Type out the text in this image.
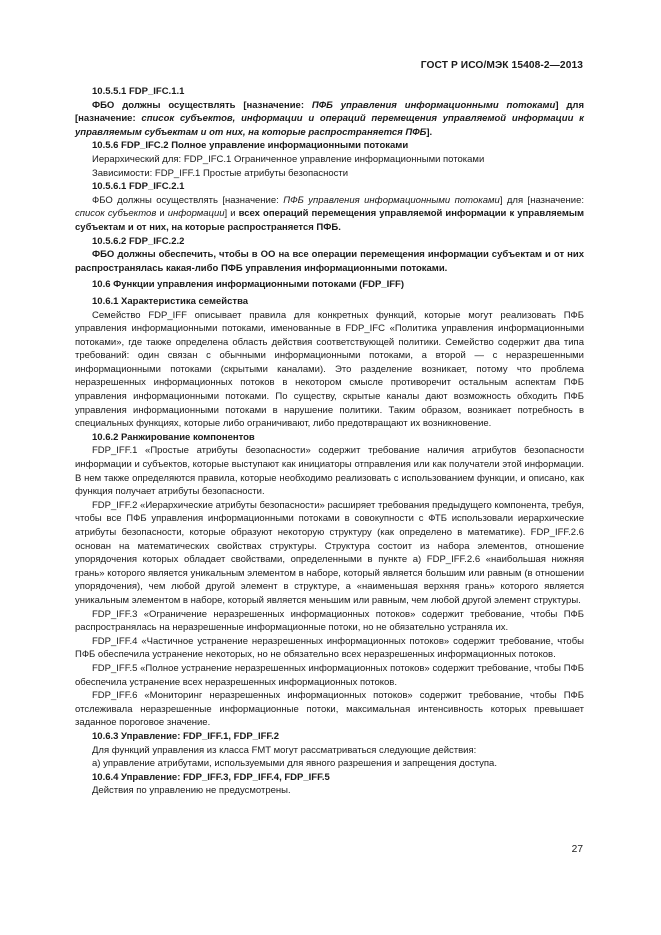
ГОСТ Р ИСО/МЭК 15408-2—2013

10.5.5.1 FDP_IFC.1.1

ФБО должны осуществлять [назначение: ПФБ управления информационными потоками] для [назначение: список субъектов, информации и операций перемещения управляемой информации к управляемым субъектам и от них, на которые распространяется ПФБ].

10.5.6 FDP_IFC.2 Полное управление информационными потоками

Иерархический для: FDP_IFC.1 Ограниченное управление информационными потоками

Зависимости: FDP_IFF.1 Простые атрибуты безопасности

10.5.6.1 FDP_IFC.2.1

ФБО должны осуществлять [назначение: ПФБ управления информационными потоками] для [назначение: список субъектов и информации] и всех операций перемещения управляемой информации к управляемым субъектам и от них, на которые распространяется ПФБ.

10.5.6.2 FDP_IFC.2.2

ФБО должны обеспечить, чтобы в ОО на все операции перемещения информации субъектам и от них распространялась какая-либо ПФБ управления информационными потоками.

10.6 Функции управления информационными потоками (FDP_IFF)

10.6.1 Характеристика семейства

Семейство FDP_IFF описывает правила для конкретных функций, которые могут реализовать ПФБ управления информационными потоками, именованные в FDP_IFC «Политика управления информационными потоками», где также определена область действия соответствующей политики. Семейство содержит два типа требований: один связан с обычными информационными потоками, а второй — с неразрешенными информационными потоками (скрытыми каналами). Это разделение возникает, потому что проблема неразрешенных информационных потоков в некотором смысле противоречит остальным аспектам ПФБ управления информационными потоками. По существу, скрытые каналы дают возможность обходить ПФБ управления информационными потоками в нарушение политики. Таким образом, возникает потребность в специальных функциях, которые либо ограничивают, либо предотвращают их возникновение.

10.6.2 Ранжирование компонентов

FDP_IFF.1 «Простые атрибуты безопасности» содержит требование наличия атрибутов безопасности информации и субъектов, которые выступают как инициаторы отправления или как получатели этой информации. В нем также определяются правила, которые необходимо реализовать с использованием функции, и описано, как функция получает атрибуты безопасности.

FDP_IFF.2 «Иерархические атрибуты безопасности» расширяет требования предыдущего компонента, требуя, чтобы все ПФБ управления информационными потоками в совокупности с ФТБ использовали иерархические атрибуты безопасности, которые образуют некоторую структуру (как определено в математике). FDP_IFF.2.6 основан на математических свойствах структуры. Структура состоит из набора элементов, отношение упорядочения которых обладает свойствами, определенными в пункте а) FDP_IFF.2.6 «наибольшая нижняя грань» которого является уникальным элементом в наборе, который является большим или равным (в отношении упорядочения), чем любой другой элемент в структуре, а «наименьшая верхняя грань» которого является уникальным элементом в наборе, который является меньшим или равным, чем любой другой элемент структуры.

FDP_IFF.3 «Ограничение неразрешенных информационных потоков» содержит требование, чтобы ПФБ распространялась на неразрешенные информационные потоки, но не обязательно устраняла их.

FDP_IFF.4 «Частичное устранение неразрешенных информационных потоков» содержит требование, чтобы ПФБ обеспечила устранение некоторых, но не обязательно всех неразрешенных информационных потоков.

FDP_IFF.5 «Полное устранение неразрешенных информационных потоков» содержит требование, чтобы ПФБ обеспечила устранение всех неразрешенных информационных потоков.

FDP_IFF.6 «Мониторинг неразрешенных информационных потоков» содержит требование, чтобы ПФБ отслеживала неразрешенные информационные потоки, максимальная интенсивность которых превышает заданное пороговое значение.

10.6.3 Управление: FDP_IFF.1, FDP_IFF.2

Для функций управления из класса FMT могут рассматриваться следующие действия:

а) управление атрибутами, используемыми для явного разрешения и запрещения доступа.

10.6.4 Управление: FDP_IFF.3, FDP_IFF.4, FDP_IFF.5

Действия по управлению не предусмотрены.

27
